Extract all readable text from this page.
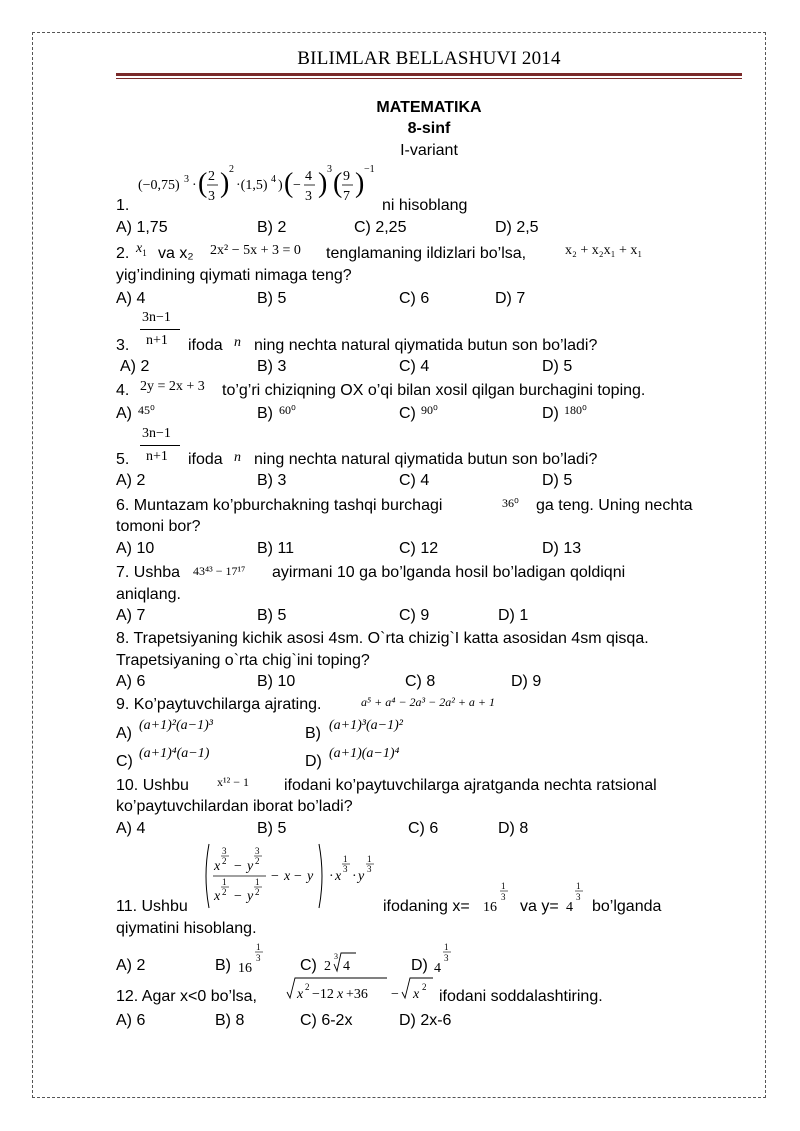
BILIMLAR BELLASHUVI 2014
MATEMATIKA
8-sinf
I-variant
1.
(−0,75) 3 · ( 2
3 ) 2
·(1,5) 4 ) ( −
4
3 ) 3 ( 9
7 ) −1
ni hisoblang
A) 1,75	B) 2	C) 2,25	D) 2,5
2. $x_1$ va x₂ 2x² − 5x + 3 = 0 tenglamaning ildizlari bo’lsa,	x₂ + x₂x₁ + x₁
yig’indining qiymati nimaga teng?
A) 4	B) 5	C) 6	D) 7
3.
3n−1
n+1 ifoda n ning nechta natural qiymatida butun son bo’ladi?
A) 2	B) 3	C) 4	D) 5
4. 2y = 2x + 3 to’g’ri chiziqning OX o’qi bilan xosil qilgan burchagini toping.
A) 45⁰	B) 60⁰	C) 90⁰	D) 180⁰
5.
3n−1
n+1 ifoda n ning nechta natural qiymatida butun son bo’ladi?
A) 2	B) 3	C) 4	D) 5
6. Muntazam ko’pburchakning tashqi burchagi	36⁰ ga teng. Uning nechta
tomoni bor?
A) 10	B) 11	C) 12	D) 13
7. Ushba 43⁴³ − 17¹⁷ ayirmani 10 ga bo’lganda hosil bo’ladigan qoldiqni
aniqlang.
A) 7	B) 5	C) 9	D) 1
8. Trapetsiyaning kichik asosi 4sm. O`rta chizig`I katta asosidan 4sm qisqa.
Trapetsiyaning o`rta chig`ini toping?
A) 6	B) 10	C) 8	D) 9
9. Ko’paytuvchilarga ajrating.	a⁵ + a⁴ − 2a³ − 2a² + a + 1
A) (a+1)²(a−1)³	B) (a+1)³(a−1)²
C) (a+1)⁴(a−1)	D) (a+1)(a−1)⁴
10. Ushbu x¹² − 1 ifodani ko’paytuvchilarga ajratganda nechta ratsional
ko’paytuvchilardan iborat bo’ladi?
A) 4	B) 5	C) 6	D) 8
11. Ushbu
x
3
2 − y
3
2
x
1
2 − y
1
2
− x − y · x
1
3 · y
1
3
ifodaning x= 16
1
3
va y= 4
1
3
bo’lganda
qiymatini hisoblang.
A) 2	B) 16
1
3 C) 2
3
4	D) 4
1
3
12. Agar x<0 bo’lsa,	x 2 −12 x +36 − x 2
ifodani soddalashtiring.
A) 6	B) 8	C) 6-2x	D) 2x-6
